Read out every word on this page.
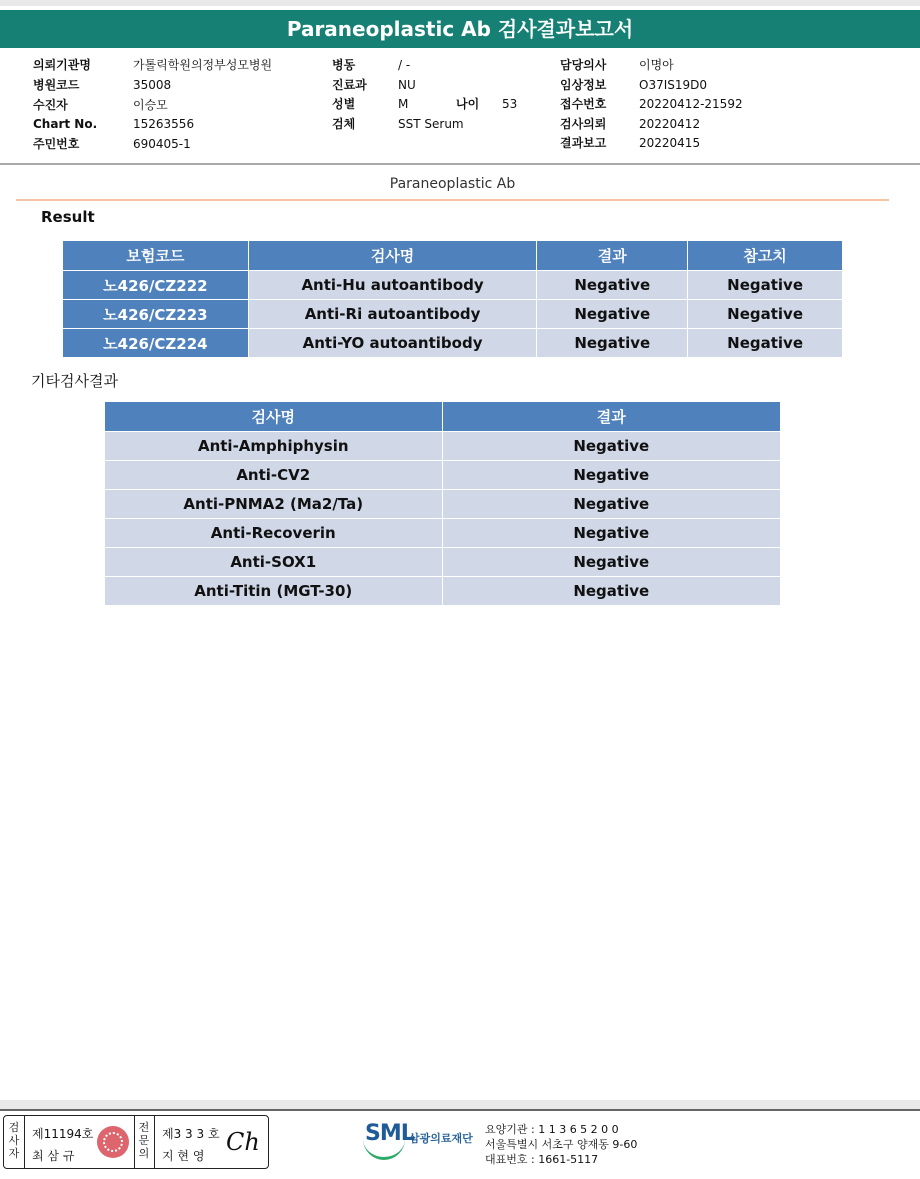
Paraneoplastic Ab 검사결과보고서
의뢰기관명	가톨릭학원의정부성모병원
병원코드	35008
수진자	이승모
Chart No.	15263556
주민번호	690405-1
병동	/ -
진료과	NU
성별	M	나이 53
검체	SST Serum
담당의사	이명아
임상정보	O37IS19D0
접수번호	20220412-21592
검사의뢰	20220412
결과보고	20220415
Paraneoplastic Ab
Result
보험코드	검사명	결과	참고치
노426/CZ222	Anti-Hu autoantibody	Negative	Negative
노426/CZ223	Anti-Ri autoantibody	Negative	Negative
노426/CZ224	Anti-YO autoantibody	Negative	Negative
기타검사결과
검사명	결과
Anti-Amphiphysin	Negative
Anti-CV2	Negative
Anti-PNMA2 (Ma2/Ta)	Negative
Anti-Recoverin	Negative
Anti-SOX1	Negative
Anti-Titin (MGT-30)	Negative
검사자
제11194호
최 삼 규
전문의
제3 3 3 호
지 현 영 Ch	SML
삼광의료재단
요양기관 : 1 1 3 6 5 2 0 0
서울특별시 서초구 양재동 9-60
대표번호 : 1661-5117
